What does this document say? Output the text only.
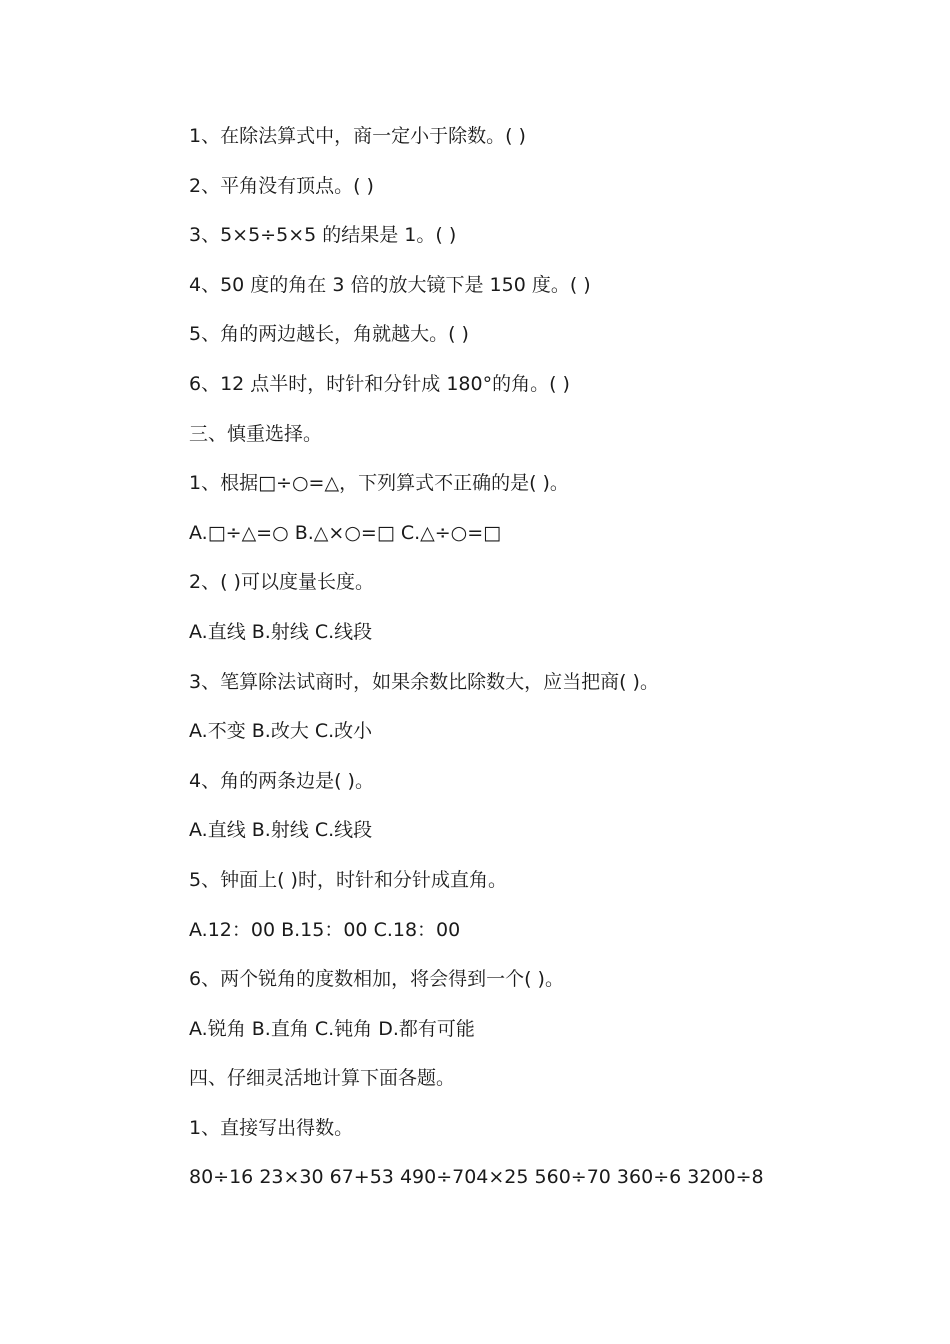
1、在除法算式中，商一定小于除数。( )
2、平角没有顶点。( )
3、5×5÷5×5 的结果是 1。( )
4、50 度的角在 3 倍的放大镜下是 150 度。( )
5、角的两边越长，角就越大。( )
6、12 点半时，时针和分针成 180°的角。( )
三、慎重选择。
1、根据□÷○=△，下列算式不正确的是( )。
A.□÷△=○ B.△×○=□ C.△÷○=□
2、( )可以度量长度。
A.直线 B.射线 C.线段
3、笔算除法试商时，如果余数比除数大，应当把商( )。
A.不变 B.改大 C.改小
4、角的两条边是( )。
A.直线 B.射线 C.线段
5、钟面上( )时，时针和分针成直角。
A.12：00 B.15：00 C.18：00
6、两个锐角的度数相加，将会得到一个( )。
A.锐角 B.直角 C.钝角 D.都有可能
四、仔细灵活地计算下面各题。
1、直接写出得数。
80÷16 23×30 67+53 490÷704×25 560÷70 360÷6 3200÷8
